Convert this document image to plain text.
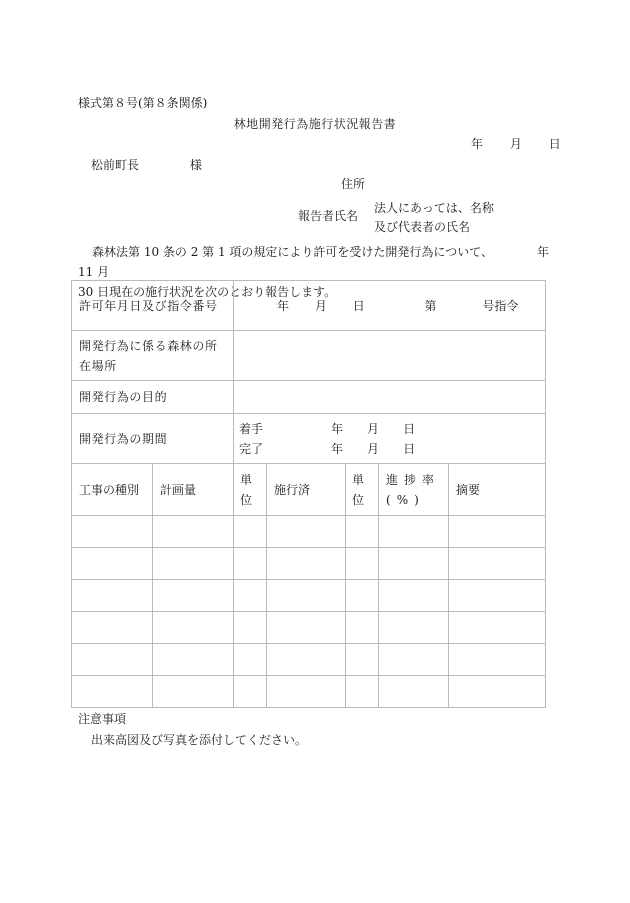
様式第８号(第８条関係)
林地開発行為施行状況報告書
年 月 日
松前町長	様
住所
報告者氏名
法人にあっては、名称及び代表者の氏名
森林法第 10 条の 2 第 1 項の規定により許可を受けた開発行為について、	年 11 月
30 日現在の施行状況を次のとおり報告します。
許可年月日及び指令番号		年 月 日 第 号指令				
開発行為に係る森林の所在場所						
開発行為の目的						
開発行為の期間		着手 年 月 日
完了 年 月 日				

工事の種別	計画量	単位	施行済	単位	進捗率(%)	摘要

注意事項
出来高図及び写真を添付してください。
